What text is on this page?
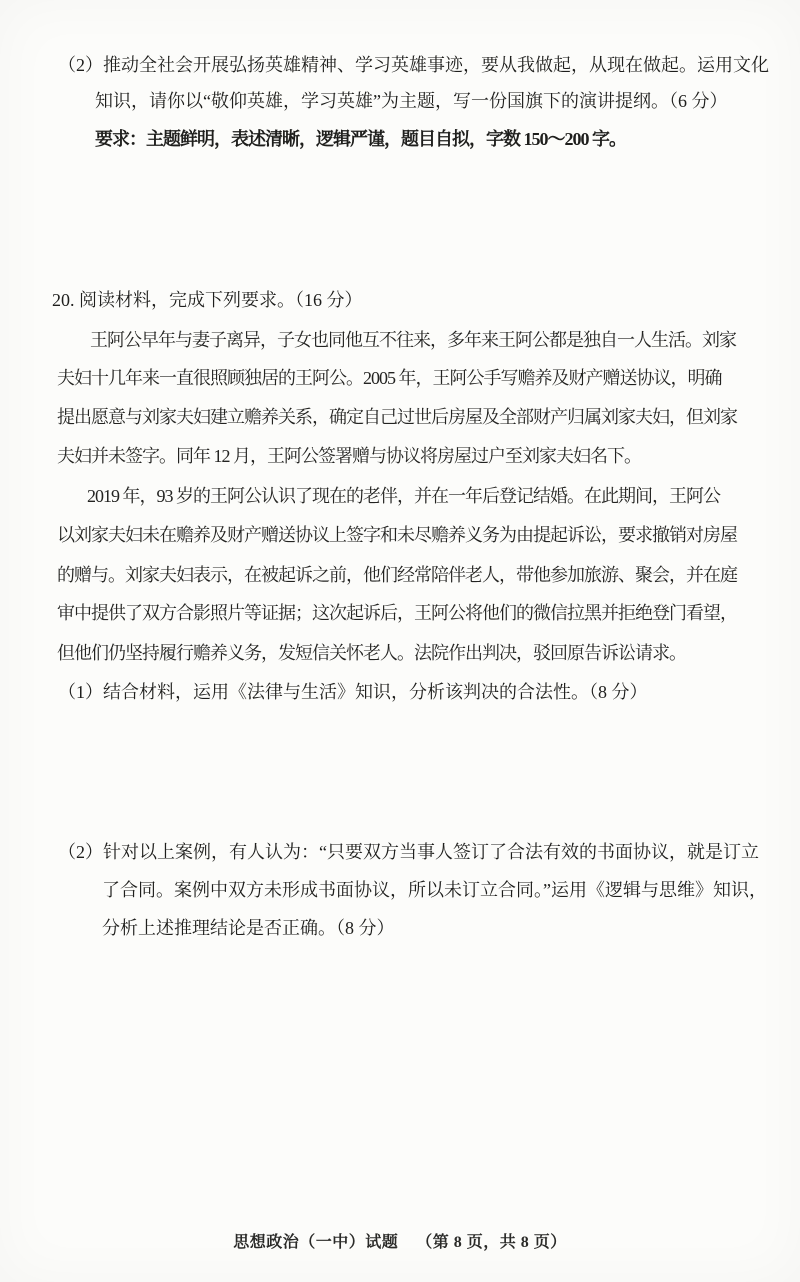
（2）推动全社会开展弘扬英雄精神、学习英雄事迹，要从我做起，从现在做起。运用文化
知识，请你以“敬仰英雄，学习英雄”为主题，写一份国旗下的演讲提纲。（6 分）
要求：主题鲜明，表述清晰，逻辑严谨，题目自拟，字数 150～200 字。
20. 阅读材料，完成下列要求。（16 分）
王阿公早年与妻子离异，子女也同他互不往来，多年来王阿公都是独自一人生活。刘家
夫妇十几年来一直很照顾独居的王阿公。2005 年，王阿公手写赡养及财产赠送协议，明确
提出愿意与刘家夫妇建立赡养关系，确定自己过世后房屋及全部财产归属刘家夫妇，但刘家
夫妇并未签字。同年 12 月，王阿公签署赠与协议将房屋过户至刘家夫妇名下。
2019 年，93 岁的王阿公认识了现在的老伴，并在一年后登记结婚。在此期间，王阿公
以刘家夫妇未在赡养及财产赠送协议上签字和未尽赡养义务为由提起诉讼，要求撤销对房屋
的赠与。刘家夫妇表示，在被起诉之前，他们经常陪伴老人，带他参加旅游、聚会，并在庭
审中提供了双方合影照片等证据；这次起诉后，王阿公将他们的微信拉黑并拒绝登门看望，
但他们仍坚持履行赡养义务，发短信关怀老人。法院作出判决，驳回原告诉讼请求。
（1）结合材料，运用《法律与生活》知识，分析该判决的合法性。（8 分）
（2）针对以上案例，有人认为：“只要双方当事人签订了合法有效的书面协议，就是订立
了合同。案例中双方未形成书面协议，所以未订立合同。”运用《逻辑与思维》知识，
分析上述推理结论是否正确。（8 分）
思想政治（一中）试题 （第 8 页，共 8 页）
